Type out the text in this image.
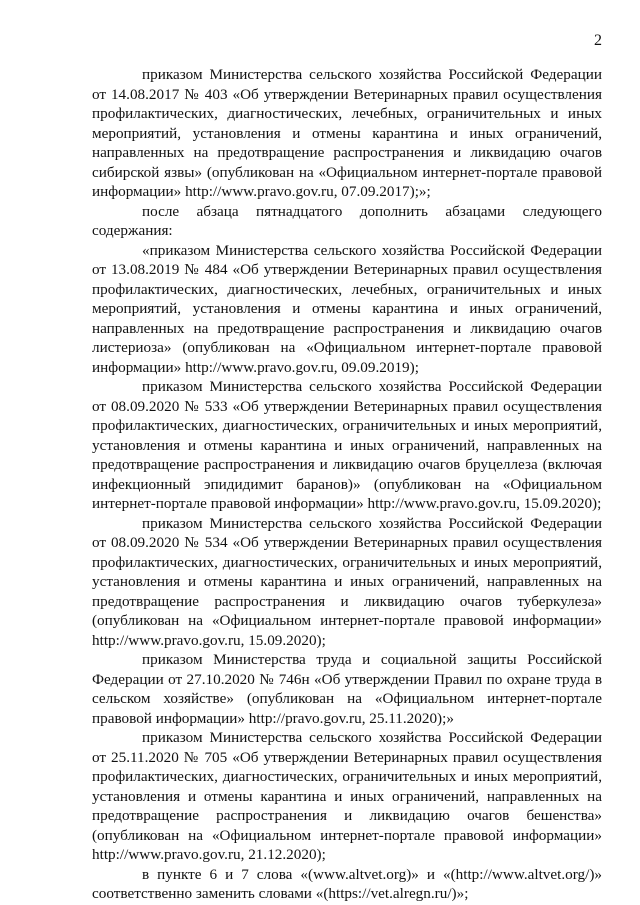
2

приказом Министерства сельского хозяйства Российской Федерации от 14.08.2017 № 403 «Об утверждении Ветеринарных правил осуществления профилактических, диагностических, лечебных, ограничительных и иных мероприятий, установления и отмены карантина и иных ограничений, направленных на предотвращение распространения и ликвидацию очагов сибирской язвы» (опубликован на «Официальном интернет-портале правовой информации» http://www.pravo.gov.ru, 07.09.2017);»;

после абзаца пятнадцатого дополнить абзацами следующего содержания:

«приказом Министерства сельского хозяйства Российской Федерации от 13.08.2019 № 484 «Об утверждении Ветеринарных правил осуществления профилактических, диагностических, лечебных, ограничительных и иных мероприятий, установления и отмены карантина и иных ограничений, направленных на предотвращение распространения и ликвидацию очагов листериоза» (опубликован на «Официальном интернет-портале правовой информации» http://www.pravo.gov.ru, 09.09.2019);

приказом Министерства сельского хозяйства Российской Федерации от 08.09.2020 № 533 «Об утверждении Ветеринарных правил осуществления профилактических, диагностических, ограничительных и иных мероприятий, установления и отмены карантина и иных ограничений, направленных на предотвращение распространения и ликвидацию очагов бруцеллеза (включая инфекционный эпидидимит баранов)» (опубликован на «Официальном интернет-портале правовой информации» http://www.pravo.gov.ru, 15.09.2020);

приказом Министерства сельского хозяйства Российской Федерации от 08.09.2020 № 534 «Об утверждении Ветеринарных правил осуществления профилактических, диагностических, ограничительных и иных мероприятий, установления и отмены карантина и иных ограничений, направленных на предотвращение распространения и ликвидацию очагов туберкулеза» (опубликован на «Официальном интернет-портале правовой информации» http://www.pravo.gov.ru, 15.09.2020);

приказом Министерства труда и социальной защиты Российской Федерации от 27.10.2020 № 746н «Об утверждении Правил по охране труда в сельском хозяйстве» (опубликован на «Официальном интернет-портале правовой информации» http://pravo.gov.ru, 25.11.2020);»

приказом Министерства сельского хозяйства Российской Федерации от 25.11.2020 № 705 «Об утверждении Ветеринарных правил осуществления профилактических, диагностических, ограничительных и иных мероприятий, установления и отмены карантина и иных ограничений, направленных на предотвращение распространения и ликвидацию очагов бешенства» (опубликован на «Официальном интернет-портале правовой информации» http://www.pravo.gov.ru, 21.12.2020);

в пункте 6 и 7 слова «(www.altvet.org)» и «(http://www.altvet.org/)» соответственно заменить словами «(https://vet.alregn.ru/)»;
